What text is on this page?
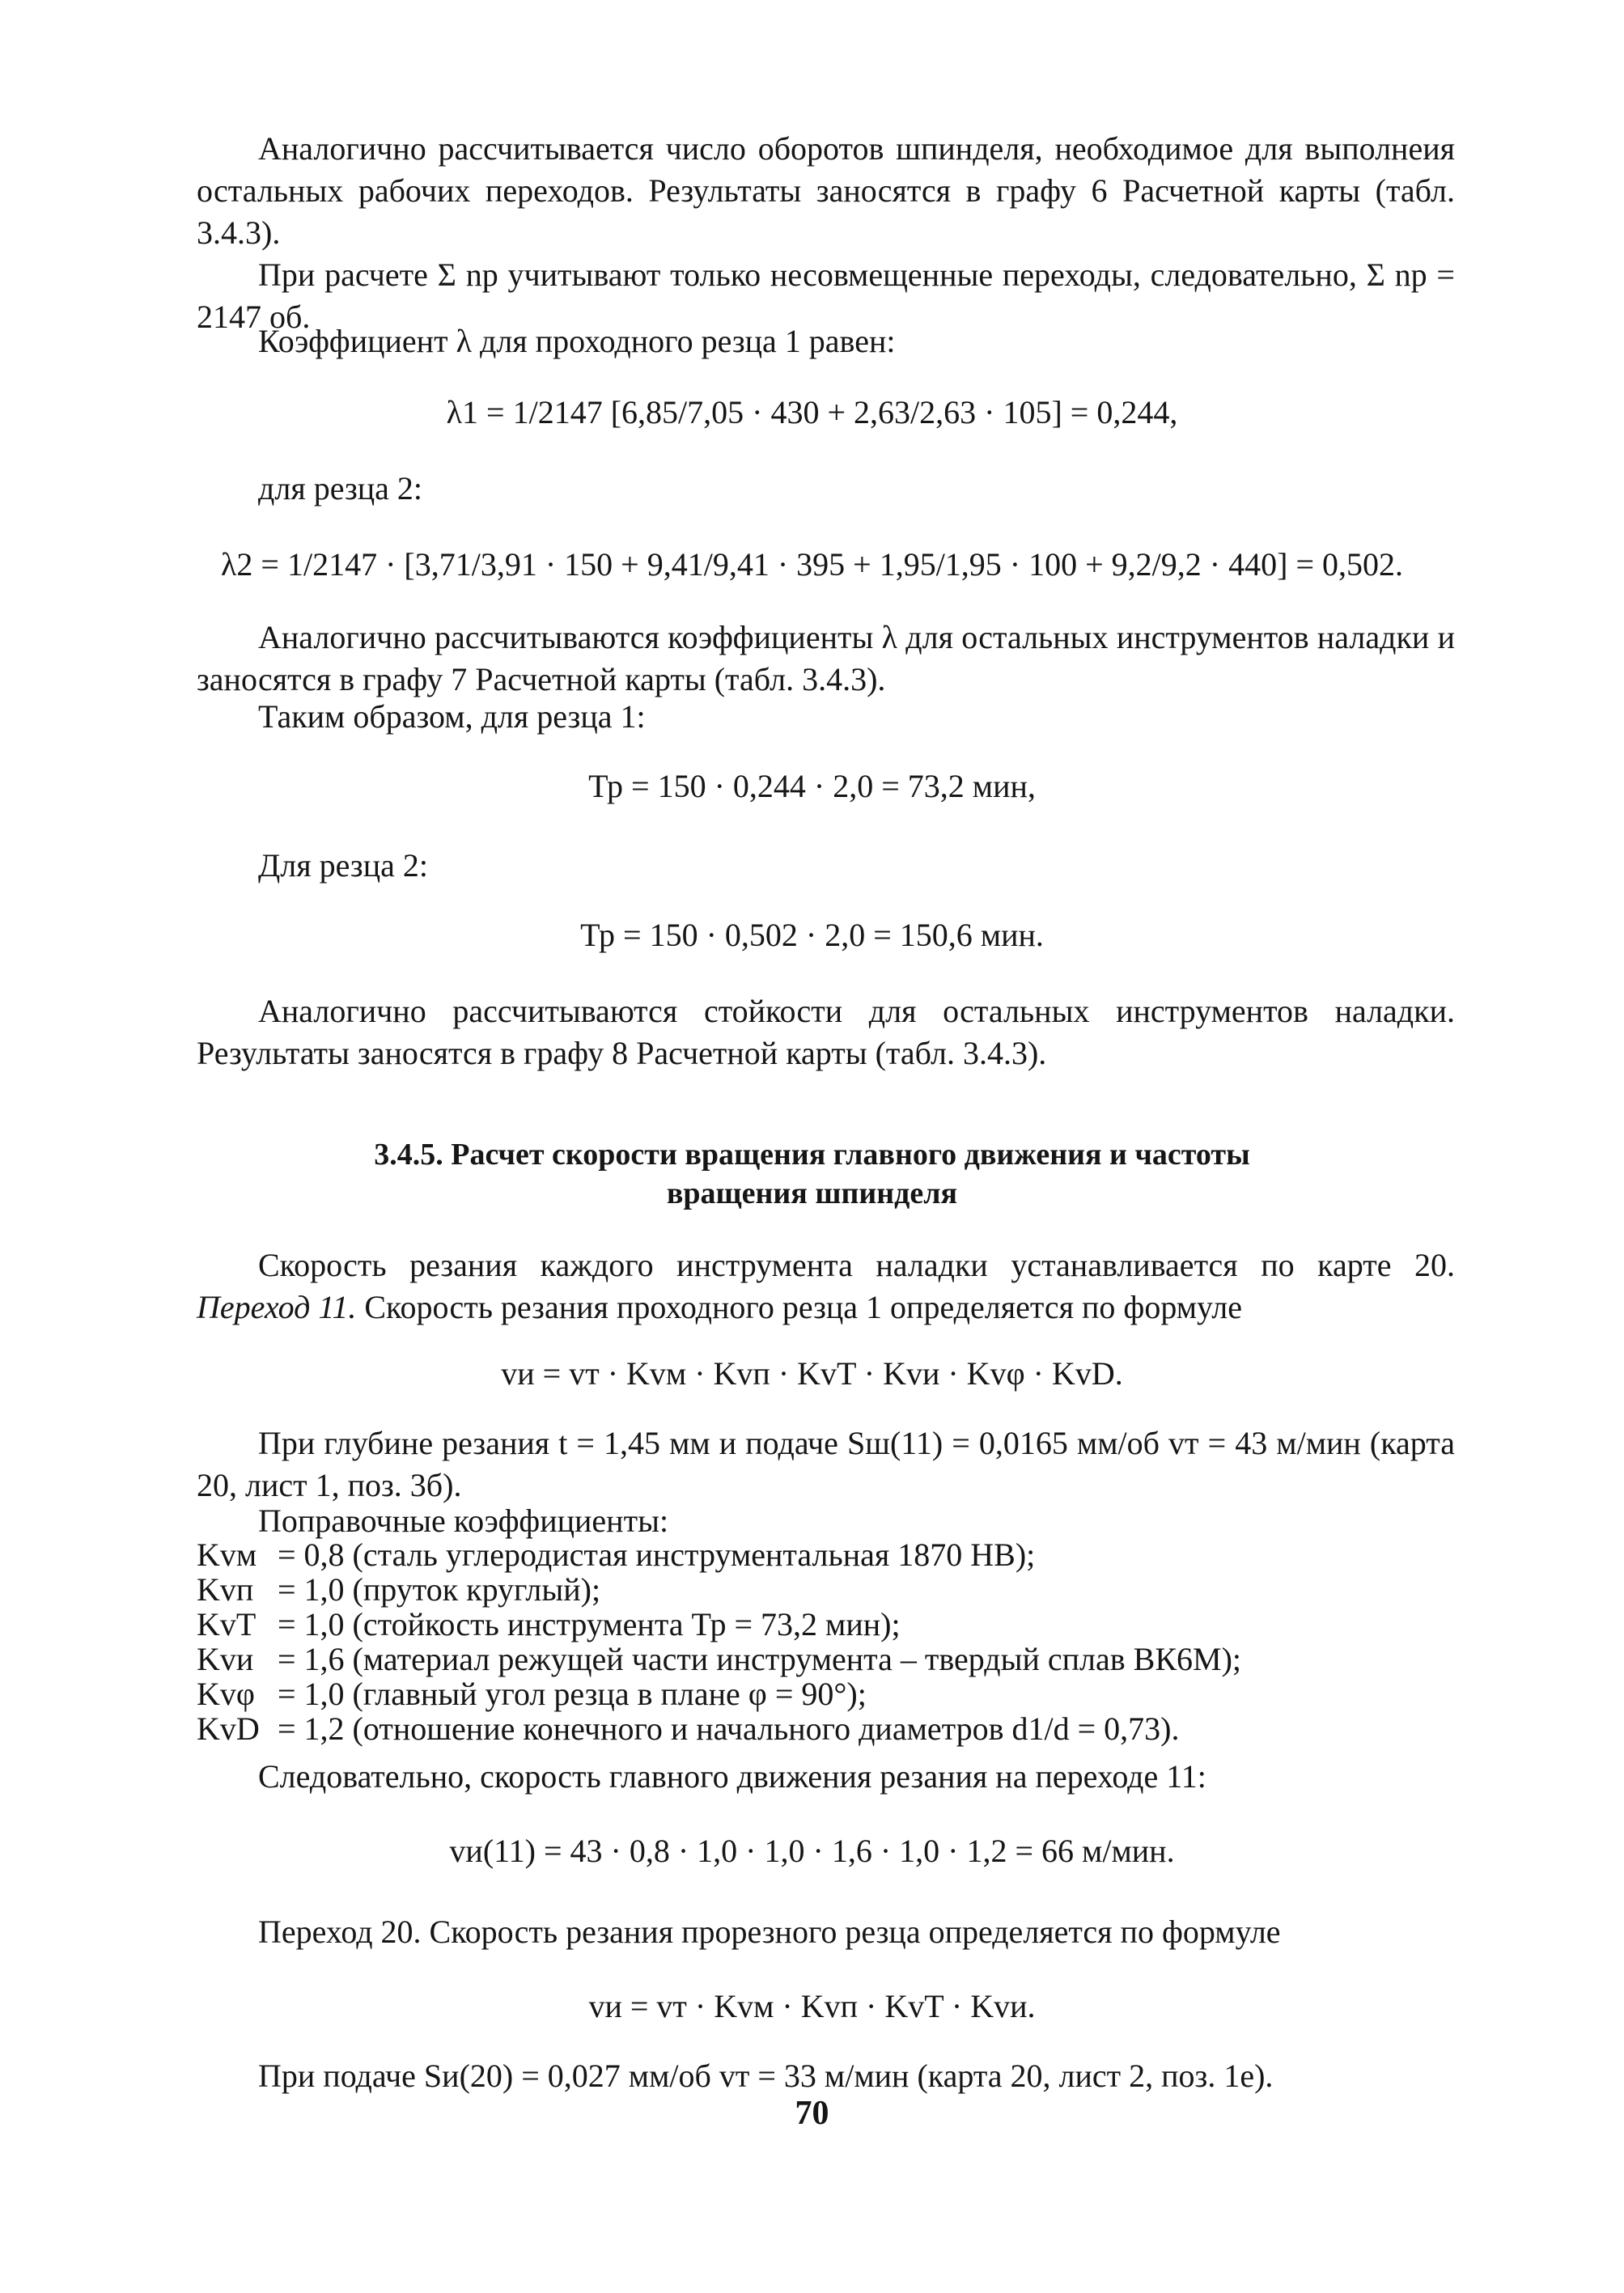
Аналогично рассчитывается число оборотов шпинделя, необходимое для выполнеия остальных рабочих переходов. Результаты заносятся в графу 6 Расчетной карты (табл. 3.4.3).
При расчете Σ nр учитывают только несовмещенные переходы, следовательно, Σ nр = 2147 об.
Коэффициент λ для проходного резца 1 равен:
λ1 = 1/2147 [6,85/7,05 · 430 + 2,63/2,63 · 105] = 0,244,
для резца 2:
λ2 = 1/2147 · [3,71/3,91 · 150 + 9,41/9,41 · 395 + 1,95/1,95 · 100 + 9,2/9,2 · 440] = 0,502.
Аналогично рассчитываются коэффициенты λ для остальных инструментов наладки и заносятся в графу 7 Расчетной карты (табл. 3.4.3).
Таким образом, для резца 1:
Тр = 150 · 0,244 · 2,0 = 73,2 мин,
Для резца 2:
Тр = 150 · 0,502 · 2,0 = 150,6 мин.
Аналогично рассчитываются стойкости для остальных инструментов наладки. Результаты заносятся в графу 8 Расчетной карты (табл. 3.4.3).
3.4.5. Расчет скорости вращения главного движения и частоты
вращения шпинделя
Скорость резания каждого инструмента наладки устанавливается по карте 20. Переход 11. Скорость резания проходного резца 1 определяется по формуле
vи = vт · Kvм · Kvп · KvT · Kvи · Kvφ · KvD.
При глубине резания t = 1,45 мм и подаче Sш(11) = 0,0165 мм/об vт = 43 м/мин (карта 20, лист 1, поз. 3б).
Поправочные коэффициенты:
Kvм = 0,8 (сталь углеродистая инструментальная 1870 НВ);
Kvп = 1,0 (пруток круглый);
KvT = 1,0 (стойкость инструмента Тр = 73,2 мин);
Kvи = 1,6 (материал режущей части инструмента – твердый сплав ВК6М);
Kvφ = 1,0 (главный угол резца в плане φ = 90°);
KvD = 1,2 (отношение конечного и начального диаметров d1/d = 0,73).
Следовательно, скорость главного движения резания на переходе 11:
vи(11) = 43 · 0,8 · 1,0 · 1,0 · 1,6 · 1,0 · 1,2 = 66 м/мин.
Переход 20. Скорость резания прорезного резца определяется по формуле
vи = vт · Kvм · Kvп · KvT · Kvи.
При подаче Sи(20) = 0,027 мм/об vт = 33 м/мин (карта 20, лист 2, поз. 1е).
70
